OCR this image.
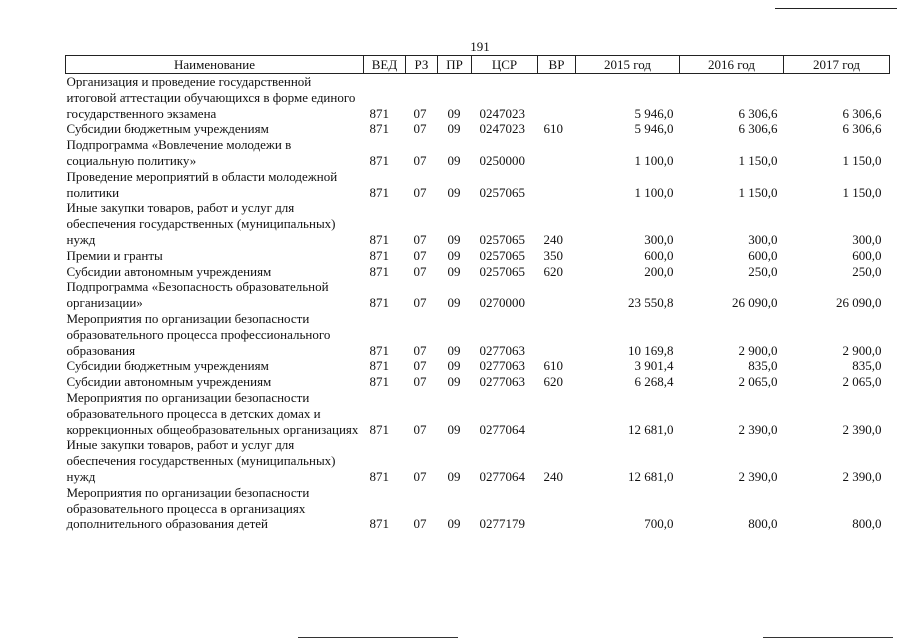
191
Наименование	ВЕД	РЗ	ПР	ЦСР	ВР	2015 год	2016 год	2017 год
Организация и проведение государственной итоговой аттестации обучающихся в форме единого государственного экзамена	871	07	09	0247023		5 946,0	6 306,6	6 306,6
Субсидии бюджетным учреждениям	871	07	09	0247023	610	5 946,0	6 306,6	6 306,6
Подпрограмма «Вовлечение молодежи в социальную политику»	871	07	09	0250000		1 100,0	1 150,0	1 150,0
Проведение мероприятий в области молодежной политики	871	07	09	0257065		1 100,0	1 150,0	1 150,0
Иные закупки товаров, работ и услуг для обеспечения государственных (муниципальных) нужд	871	07	09	0257065	240	300,0	300,0	300,0
Премии и гранты	871	07	09	0257065	350	600,0	600,0	600,0
Субсидии автономным учреждениям	871	07	09	0257065	620	200,0	250,0	250,0
Подпрограмма «Безопасность образовательной организации»	871	07	09	0270000		23 550,8	26 090,0	26 090,0
Мероприятия по организации безопасности образовательного процесса профессионального образования	871	07	09	0277063		10 169,8	2 900,0	2 900,0
Субсидии бюджетным учреждениям	871	07	09	0277063	610	3 901,4	835,0	835,0
Субсидии автономным учреждениям	871	07	09	0277063	620	6 268,4	2 065,0	2 065,0
Мероприятия по организации безопасности образовательного процесса в детских домах и коррекционных общеобразовательных организациях	871	07	09	0277064		12 681,0	2 390,0	2 390,0
Иные закупки товаров, работ и услуг для обеспечения государственных (муниципальных) нужд	871	07	09	0277064	240	12 681,0	2 390,0	2 390,0
Мероприятия по организации безопасности образовательного процесса в организациях дополнительного образования детей	871	07	09	0277179		700,0	800,0	800,0
